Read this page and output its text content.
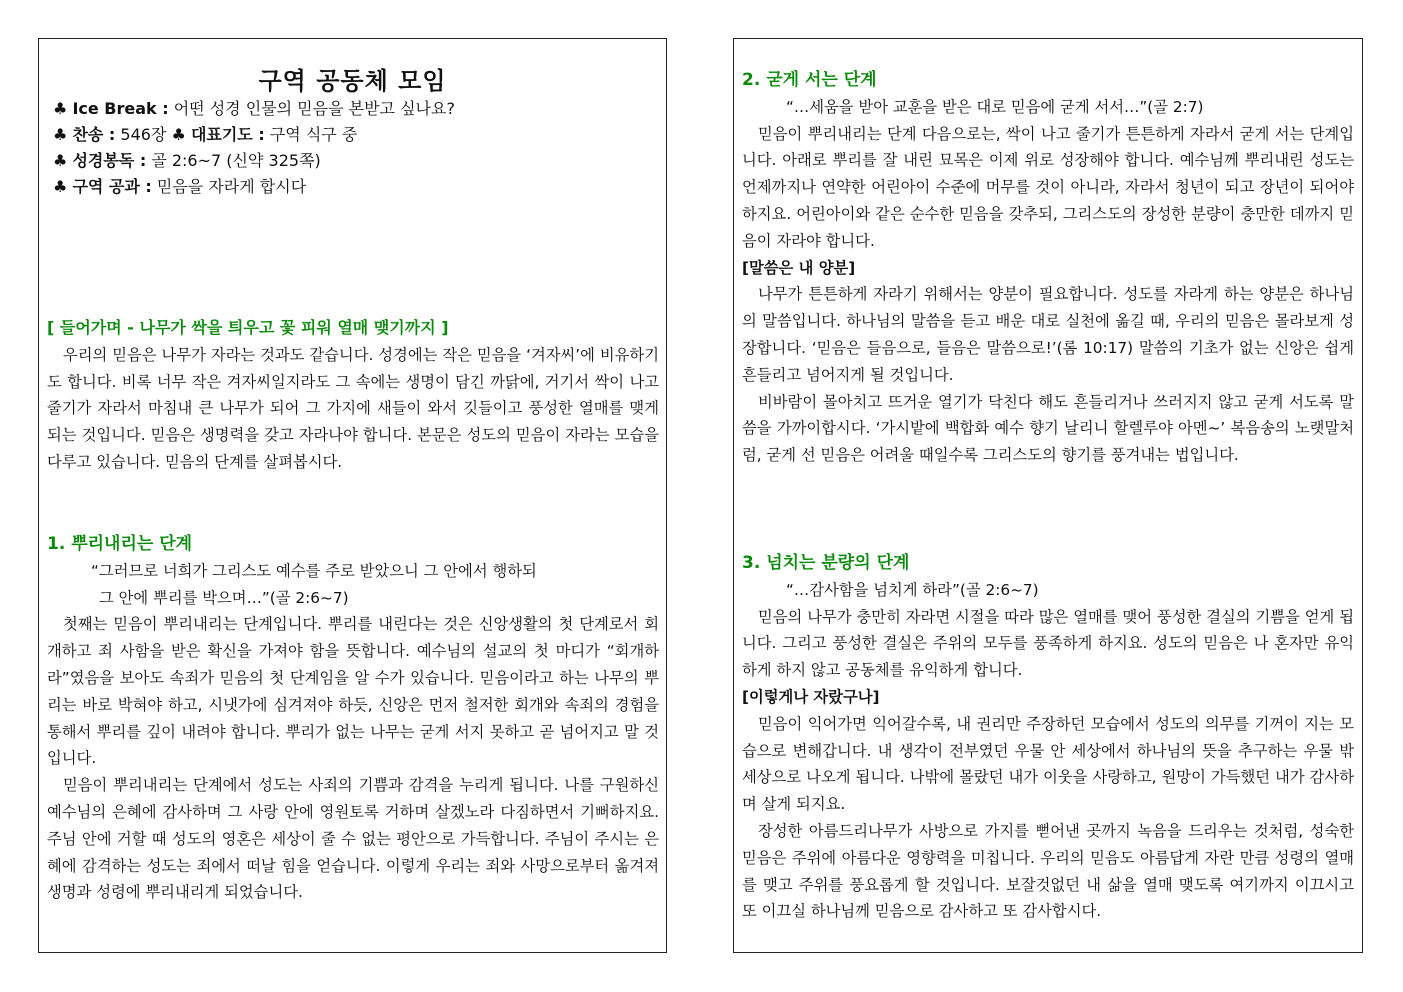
구역 공동체 모임
♣ Ice Break : 어떤 성경 인물의 믿음을 본받고 싶나요?
♣ 찬송 : 546장 ♣ 대표기도 : 구역 식구 중
♣ 성경봉독 : 골 2:6~7 (신약 325쪽)
♣ 구역 공과 : 믿음을 자라게 합시다
[ 들어가며 - 나무가 싹을 틔우고 꽃 피워 열매 맺기까지 ]

우리의 믿음은 나무가 자라는 것과도 같습니다. 성경에는 작은 믿음을 ‘겨자씨’에 비유하기도 합니다. 비록 너무 작은 겨자씨일지라도 그 속에는 생명이 담긴 까닭에, 거기서 싹이 나고 줄기가 자라서 마침내 큰 나무가 되어 그 가지에 새들이 와서 깃들이고 풍성한 열매를 맺게 되는 것입니다. 믿음은 생명력을 갖고 자라나야 합니다. 본문은 성도의 믿음이 자라는 모습을 다루고 있습니다. 믿음의 단계를 살펴봅시다.

1. 뿌리내리는 단계

“그러므로 너희가 그리스도 예수를 주로 받았으니 그 안에서 행하되

그 안에 뿌리를 박으며…”(골 2:6~7)

첫째는 믿음이 뿌리내리는 단계입니다. 뿌리를 내린다는 것은 신앙생활의 첫 단계로서 회개하고 죄 사함을 받은 확신을 가져야 함을 뜻합니다. 예수님의 설교의 첫 마디가 “회개하라”였음을 보아도 속죄가 믿음의 첫 단계임을 알 수가 있습니다. 믿음이라고 하는 나무의 뿌리는 바로 박혀야 하고, 시냇가에 심겨져야 하듯, 신앙은 먼저 철저한 회개와 속죄의 경험을 통해서 뿌리를 깊이 내려야 합니다. 뿌리가 없는 나무는 굳게 서지 못하고 곧 넘어지고 말 것입니다.

믿음이 뿌리내리는 단계에서 성도는 사죄의 기쁨과 감격을 누리게 됩니다. 나를 구원하신 예수님의 은혜에 감사하며 그 사랑 안에 영원토록 거하며 살겠노라 다짐하면서 기뻐하지요. 주님 안에 거할 때 성도의 영혼은 세상이 줄 수 없는 평안으로 가득합니다. 주님이 주시는 은혜에 감격하는 성도는 죄에서 떠날 힘을 얻습니다. 이렇게 우리는 죄와 사망으로부터 옮겨져 생명과 성령에 뿌리내리게 되었습니다.

2. 굳게 서는 단계

“…세움을 받아 교훈을 받은 대로 믿음에 굳게 서서…”(골 2:7)

믿음이 뿌리내리는 단계 다음으로는, 싹이 나고 줄기가 튼튼하게 자라서 굳게 서는 단계입니다. 아래로 뿌리를 잘 내린 묘목은 이제 위로 성장해야 합니다. 예수님께 뿌리내린 성도는 언제까지나 연약한 어린아이 수준에 머무를 것이 아니라, 자라서 청년이 되고 장년이 되어야 하지요. 어린아이와 같은 순수한 믿음을 갖추되, 그리스도의 장성한 분량이 충만한 데까지 믿음이 자라야 합니다.

[말씀은 내 양분]

나무가 튼튼하게 자라기 위해서는 양분이 필요합니다. 성도를 자라게 하는 양분은 하나님의 말씀입니다. 하나님의 말씀을 듣고 배운 대로 실천에 옮길 때, 우리의 믿음은 몰라보게 성장합니다. ‘믿음은 들음으로, 들음은 말씀으로!’(롬 10:17) 말씀의 기초가 없는 신앙은 쉽게 흔들리고 넘어지게 될 것입니다.

비바람이 몰아치고 뜨거운 열기가 닥친다 해도 흔들리거나 쓰러지지 않고 굳게 서도록 말씀을 가까이합시다. ‘가시밭에 백합화 예수 향기 날리니 할렐루야 아멘~’ 복음송의 노랫말처럼, 굳게 선 믿음은 어려울 때일수록 그리스도의 향기를 풍겨내는 법입니다.

3. 넘치는 분량의 단계

“…감사함을 넘치게 하라”(골 2:6~7)

믿음의 나무가 충만히 자라면 시절을 따라 많은 열매를 맺어 풍성한 결실의 기쁨을 얻게 됩니다. 그리고 풍성한 결실은 주위의 모두를 풍족하게 하지요. 성도의 믿음은 나 혼자만 유익하게 하지 않고 공동체를 유익하게 합니다.

[이렇게나 자랐구나]

믿음이 익어가면 익어갈수록, 내 권리만 주장하던 모습에서 성도의 의무를 기꺼이 지는 모습으로 변해갑니다. 내 생각이 전부였던 우물 안 세상에서 하나님의 뜻을 추구하는 우물 밖 세상으로 나오게 됩니다. 나밖에 몰랐던 내가 이웃을 사랑하고, 원망이 가득했던 내가 감사하며 살게 되지요.

장성한 아름드리나무가 사방으로 가지를 뻗어낸 곳까지 녹음을 드리우는 것처럼, 성숙한 믿음은 주위에 아름다운 영향력을 미칩니다. 우리의 믿음도 아름답게 자란 만큼 성령의 열매를 맺고 주위를 풍요롭게 할 것입니다. 보잘것없던 내 삶을 열매 맺도록 여기까지 이끄시고 또 이끄실 하나님께 믿음으로 감사하고 또 감사합시다.
